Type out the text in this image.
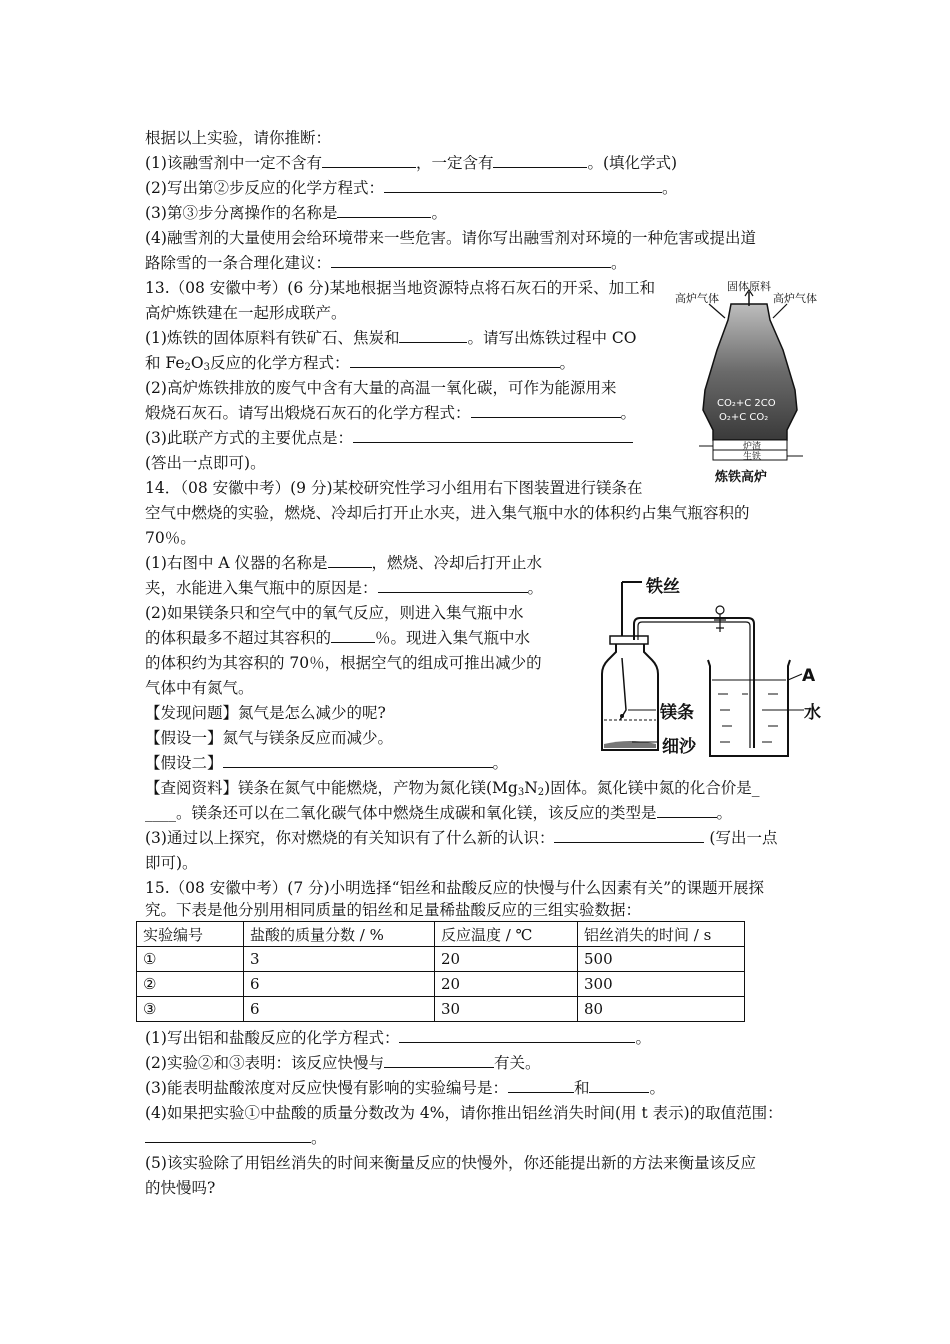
根据以上实验，请你推断：
(1)该融雪剂中一定不含有	，一定含有	。(填化学式)
(2)写出第②步反应的化学方程式：	。
(3)第③步分离操作的名称是	。
(4)融雪剂的大量使用会给环境带来一些危害。请你写出融雪剂对环境的一种危害或提出道
路除雪的一条合理化建议：	。
13.（08 安徽中考）(6 分)某地根据当地资源特点将石灰石的开采、加工和
高炉炼铁建在一起形成联产。
(1)炼铁的固体原料有铁矿石、焦炭和	。请写出炼铁过程中 CO
和 $Fe_2O_3$反应的化学方程式：	。
(2)高炉炼铁排放的废气中含有大量的高温一氧化碳，可作为能源用来
煅烧石灰石。请写出煅烧石灰石的化学方程式：	。
(3)此联产方式的主要优点是：
(答出一点即可)。
固体原料
高炉气体	高炉气体
CO₂+C 2CO
O₂+C CO₂
炉渣
生铁
炼铁高炉
14．（08 安徽中考）(9 分)某校研究性学习小组用右下图装置进行镁条在
空气中燃烧的实验，燃烧、冷却后打开止水夹，进入集气瓶中水的体积约占集气瓶容积的
70％。
(1)右图中 A 仪器的名称是	，燃烧、冷却后打开止水
夹，水能进入集气瓶中的原因是：	。
(2)如果镁条只和空气中的氧气反应，则进入集气瓶中水
的体积最多不超过其容积的	％。现进入集气瓶中水
的体积约为其容积的 70％，根据空气的组成可推出减少的
气体中有氮气。
【发现问题】氮气是怎么减少的呢?
【假设一】氮气与镁条反应而减少。
【假设二】	。
【查阅资料】镁条在氮气中能燃烧，产物为氮化镁$(Mg_3N_2)$固体。氮化镁中氮的化合价是_
____。镁条还可以在二氧化碳气体中燃烧生成碳和氧化镁，该反应的类型是	。
(3)通过以上探究，你对燃烧的有关知识有了什么新的认识：	(写出一点
即可)。
铁丝
A
镁条	水
细沙
15.（08 安徽中考）(7 分)小明选择“铝丝和盐酸反应的快慢与什么因素有关”的课题开展探
究。下表是他分别用相同质量的铝丝和足量稀盐酸反应的三组实验数据：
实验编号	盐酸的质量分数 / %	反应温度 / ℃	铝丝消失的时间 / s
①	3	20	500
②	6	20	300
③	6	30	80
(1)写出铝和盐酸反应的化学方程式：	。
(2)实验②和③表明：该反应快慢与	有关。
(3)能表明盐酸浓度对反应快慢有影响的实验编号是：	和	。
(4)如果把实验①中盐酸的质量分数改为 4%，请你推出铝丝消失时间(用 t 表示)的取值范围：
。
(5)该实验除了用铝丝消失的时间来衡量反应的快慢外，你还能提出新的方法来衡量该反应
的快慢吗?
